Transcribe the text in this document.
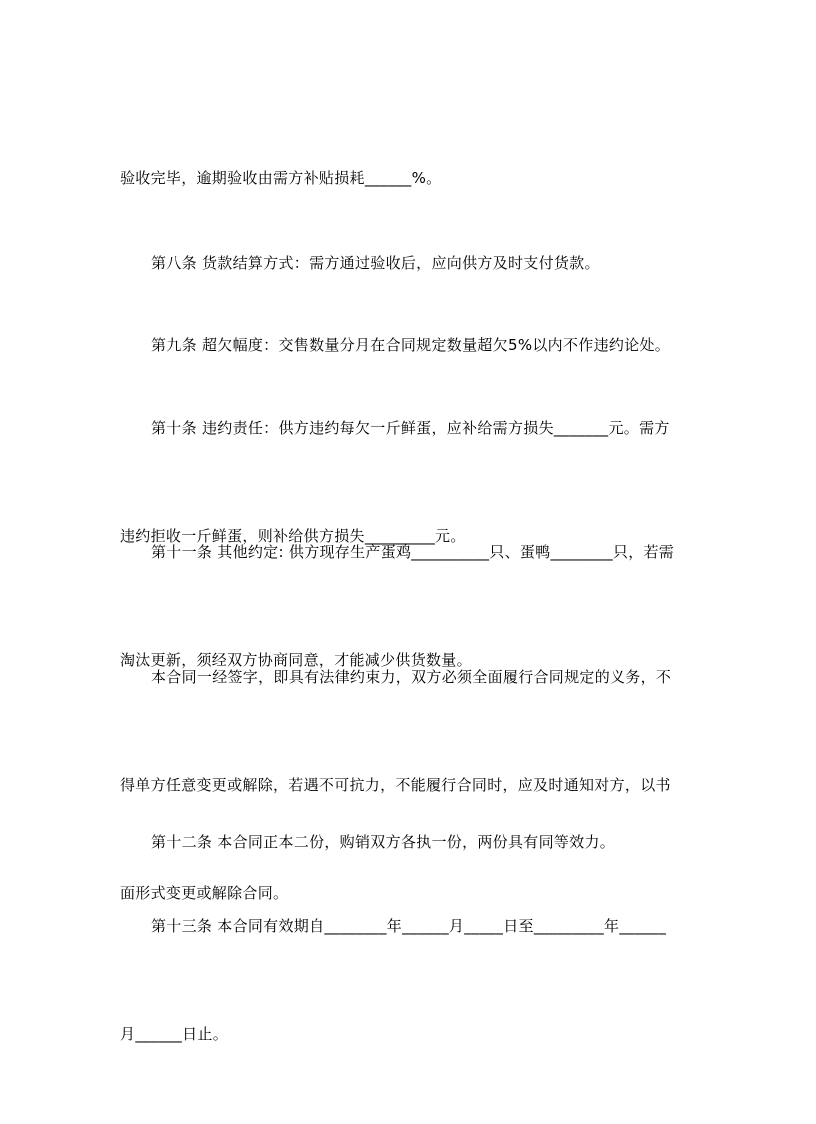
验收完毕，逾期验收由需方补贴损耗______%。

第八条 货款结算方式：需方通过验收后，应向供方及时支付货款。

第九条 超欠幅度：交售数量分月在合同规定数量超欠5%以内不作违约论处。

第十条 违约责任：供方违约每欠一斤鲜蛋，应补给需方损失_______元。需方

违约拒收一斤鲜蛋，则补给供方损失_________元。

第十一条 其他约定: 供方现存生产蛋鸡__________只、蛋鸭________只，若需

淘汰更新，须经双方协商同意，才能减少供货数量。

本合同一经签字，即具有法律约束力，双方必须全面履行合同规定的义务，不

得单方任意变更或解除，若遇不可抗力，不能履行合同时，应及时通知对方，以书

面形式变更或解除合同。

第十二条 本合同正本二份，购销双方各执一份，两份具有同等效力。

第十三条 本合同有效期自________年______月_____日至_________年______

月______日止。
